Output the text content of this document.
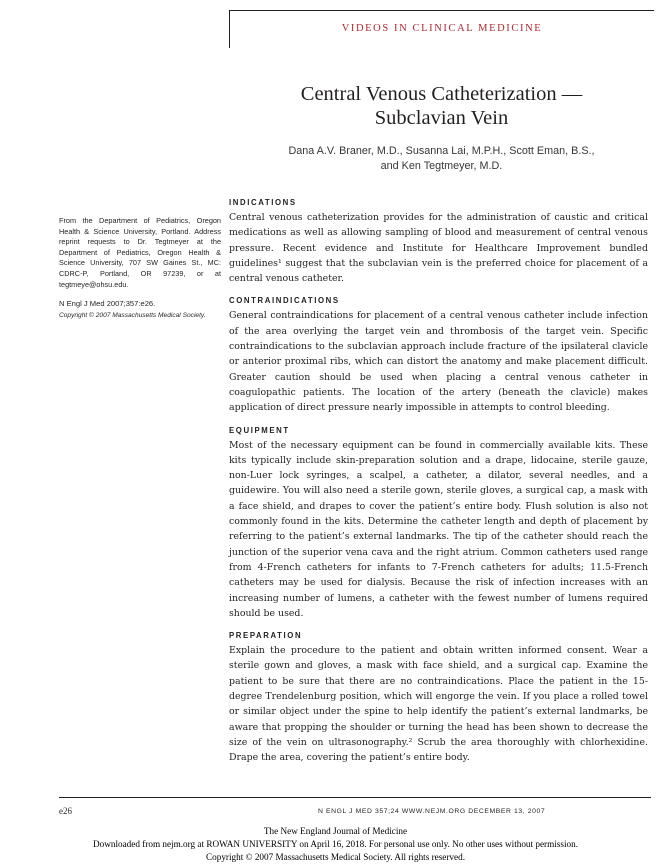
VIDEOS IN CLINICAL MEDICINE
Central Venous Catheterization —
Subclavian Vein
Dana A.V. Braner, M.D., Susanna Lai, M.P.H., Scott Eman, B.S.,
and Ken Tegtmeyer, M.D.
From the Department of Pediatrics, Oregon Health & Science University, Portland. Address reprint requests to Dr. Tegtmeyer at the Department of Pediatrics, Oregon Health & Science University, 707 SW Gaines St., MC: CDRC-P, Portland, OR 97239, or at tegtmeye@ohsu.edu.
N Engl J Med 2007;357:e26.
Copyright © 2007 Massachusetts Medical Society.
INDICATIONS

Central venous catheterization provides for the administration of caustic and critical medications as well as allowing sampling of blood and measurement of central venous pressure. Recent evidence and Institute for Healthcare Improvement bundled guidelines¹ suggest that the subclavian vein is the preferred choice for placement of a central venous catheter.

CONTRAINDICATIONS

General contraindications for placement of a central venous catheter include infection of the area overlying the target vein and thrombosis of the target vein. Specific contraindications to the subclavian approach include fracture of the ipsilateral clavicle or anterior proximal ribs, which can distort the anatomy and make placement difficult. Greater caution should be used when placing a central venous catheter in coagulopathic patients. The location of the artery (beneath the clavicle) makes application of direct pressure nearly impossible in attempts to control bleeding.

EQUIPMENT

Most of the necessary equipment can be found in commercially available kits. These kits typically include skin-preparation solution and a drape, lidocaine, sterile gauze, non-Luer lock syringes, a scalpel, a catheter, a dilator, several needles, and a guidewire. You will also need a sterile gown, sterile gloves, a surgical cap, a mask with a face shield, and drapes to cover the patient’s entire body. Flush solution is also not commonly found in the kits. Determine the catheter length and depth of placement by referring to the patient’s external landmarks. The tip of the catheter should reach the junction of the superior vena cava and the right atrium. Common catheters used range from 4-French catheters for infants to 7-French catheters for adults; 11.5-French catheters may be used for dialysis. Because the risk of infection increases with an increasing number of lumens, a catheter with the fewest number of lumens required should be used.

PREPARATION

Explain the procedure to the patient and obtain written informed consent. Wear a sterile gown and gloves, a mask with face shield, and a surgical cap. Examine the patient to be sure that there are no contraindications. Place the patient in the 15-degree Trendelenburg position, which will engorge the vein. If you place a rolled towel or similar object under the spine to help identify the patient’s external landmarks, be aware that propping the shoulder or turning the head has been shown to decrease the size of the vein on ultrasonography.² Scrub the area thoroughly with chlorhexidine. Drape the area, covering the patient’s entire body.

e26	N ENGL J MED 357;24 WWW.NEJM.ORG DECEMBER 13, 2007
The New England Journal of Medicine
Downloaded from nejm.org at ROWAN UNIVERSITY on April 16, 2018. For personal use only. No other uses without permission.
Copyright © 2007 Massachusetts Medical Society. All rights reserved.
